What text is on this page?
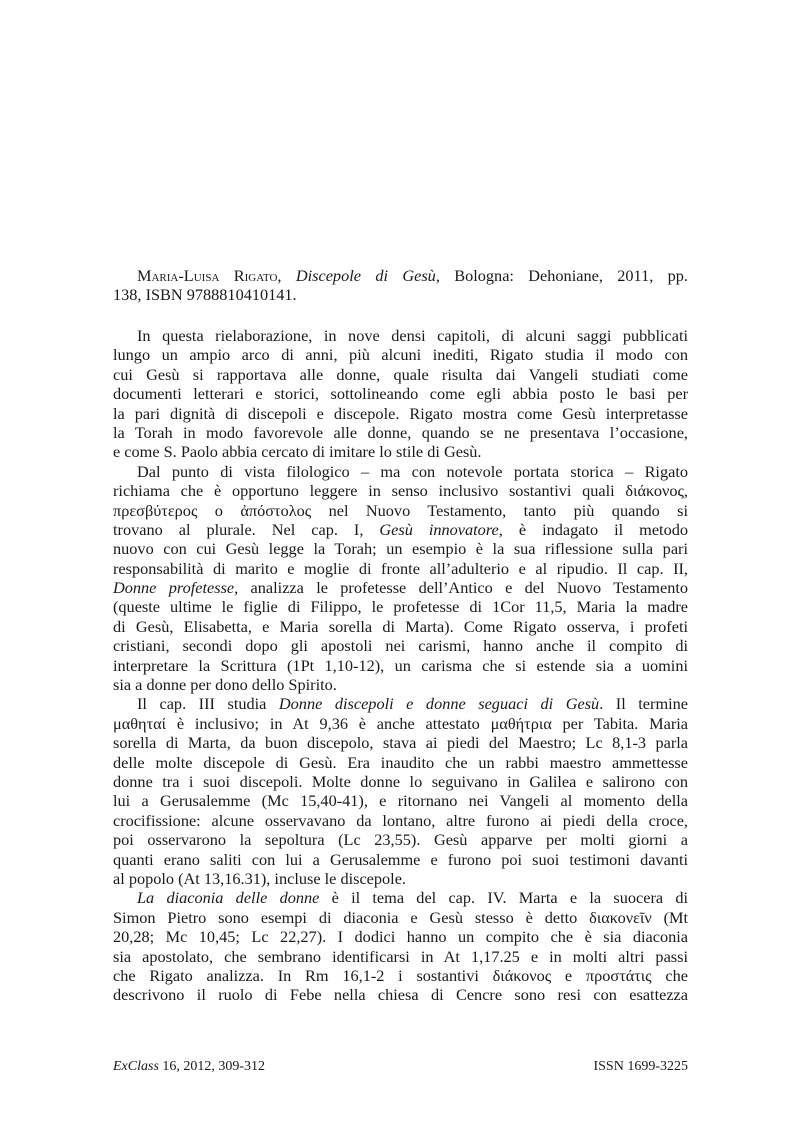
Maria-Luisa Rigato, Discepole di Gesù, Bologna: Dehoniane, 2011, pp.
138, ISBN 9788810410141.
In questa rielaborazione, in nove densi capitoli, di alcuni saggi pubblicati
lungo un ampio arco di anni, più alcuni inediti, Rigato studia il modo con
cui Gesù si rapportava alle donne, quale risulta dai Vangeli studiati come
documenti letterari e storici, sottolineando come egli abbia posto le basi per
la pari dignità di discepoli e discepole. Rigato mostra come Gesù interpretasse
la Torah in modo favorevole alle donne, quando se ne presentava l’occasione,
e come S. Paolo abbia cercato di imitare lo stile di Gesù.
Dal punto di vista filologico – ma con notevole portata storica – Rigato
richiama che è opportuno leggere in senso inclusivo sostantivi quali διάκονος,
πρεσβύτερος o ἀπόστολος nel Nuovo Testamento, tanto più quando si
trovano al plurale. Nel cap. I, Gesù innovatore, è indagato il metodo
nuovo con cui Gesù legge la Torah; un esempio è la sua riflessione sulla pari
responsabilità di marito e moglie di fronte all’adulterio e al ripudio. Il cap. II,
Donne profetesse, analizza le profetesse dell’Antico e del Nuovo Testamento
(queste ultime le figlie di Filippo, le profetesse di 1Cor 11,5, Maria la madre
di Gesù, Elisabetta, e Maria sorella di Marta). Come Rigato osserva, i profeti
cristiani, secondi dopo gli apostoli nei carismi, hanno anche il compito di
interpretare la Scrittura (1Pt 1,10-12), un carisma che si estende sia a uomini
sia a donne per dono dello Spirito.
Il cap. III studia Donne discepoli e donne seguaci di Gesù. Il termine
μαθηταί è inclusivo; in At 9,36 è anche attestato μαθήτρια per Tabita. Maria
sorella di Marta, da buon discepolo, stava ai piedi del Maestro; Lc 8,1-3 parla
delle molte discepole di Gesù. Era inaudito che un rabbi maestro ammettesse
donne tra i suoi discepoli. Molte donne lo seguivano in Galilea e salirono con
lui a Gerusalemme (Mc 15,40-41), e ritornano nei Vangeli al momento della
crocifissione: alcune osservavano da lontano, altre furono ai piedi della croce,
poi osservarono la sepoltura (Lc 23,55). Gesù apparve per molti giorni a
quanti erano saliti con lui a Gerusalemme e furono poi suoi testimoni davanti
al popolo (At 13,16.31), incluse le discepole.
La diaconia delle donne è il tema del cap. IV. Marta e la suocera di
Simon Pietro sono esempi di diaconia e Gesù stesso è detto διακονεῖν (Mt
20,28; Mc 10,45; Lc 22,27). I dodici hanno un compito che è sia diaconia
sia apostolato, che sembrano identificarsi in At 1,17.25 e in molti altri passi
che Rigato analizza. In Rm 16,1-2 i sostantivi διάκονος e προστάτις che
descrivono il ruolo di Febe nella chiesa di Cencre sono resi con esattezza
ExClass 16, 2012, 309-312	ISSN 1699-3225
